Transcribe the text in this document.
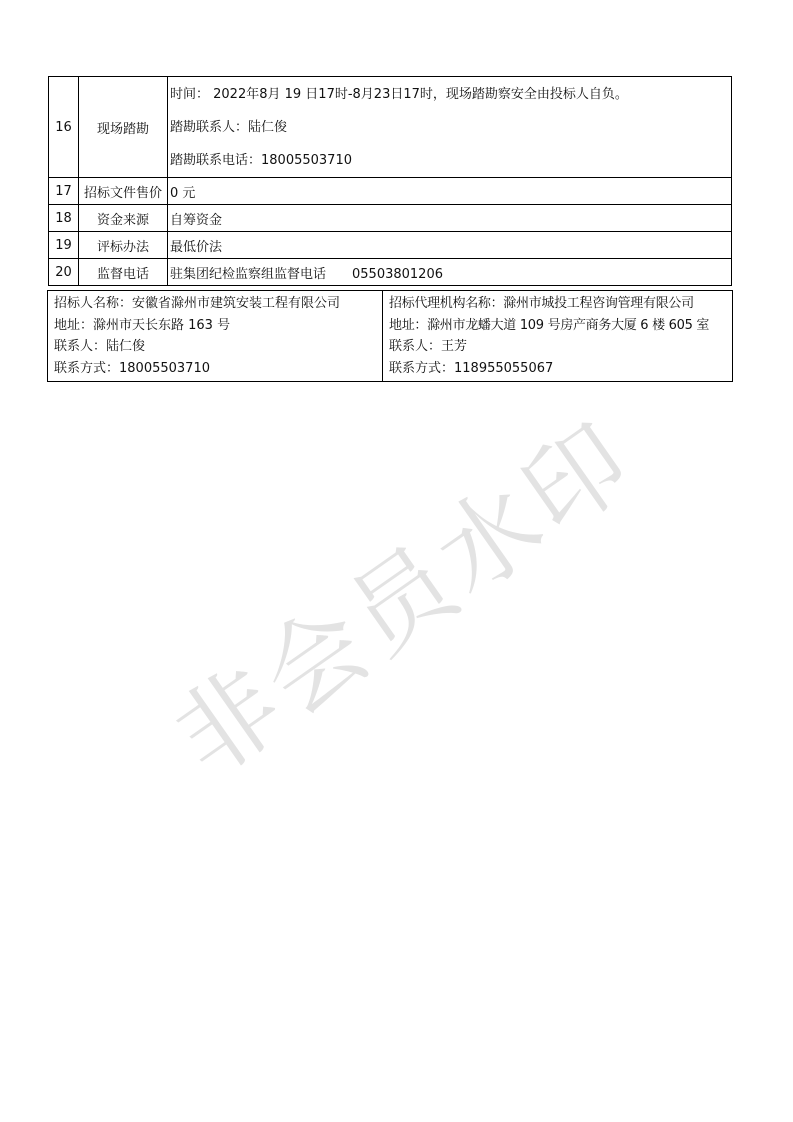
16	现场踏勘	时间： 2022年8月 19 日17时-8月23日17时，现场踏勘察安全由投标人自负。
踏勘联系人：陆仁俊
踏勘联系电话：18005503710

17	招标文件售价	0 元
18	资金来源	自筹资金
19	评标办法	最低价法
20	监督电话	驻集团纪检监察组监督电话 05503801206
招标人名称：安徽省滁州市建筑安装工程有限公司
地址：滁州市天长东路 163 号
联系人：陆仁俊
联系方式：18005503710

招标代理机构名称：滁州市城投工程咨询管理有限公司
地址：滁州市龙蟠大道 109 号房产商务大厦 6 楼 605 室
联系人：王芳
联系方式：118955055067
非会员水印
